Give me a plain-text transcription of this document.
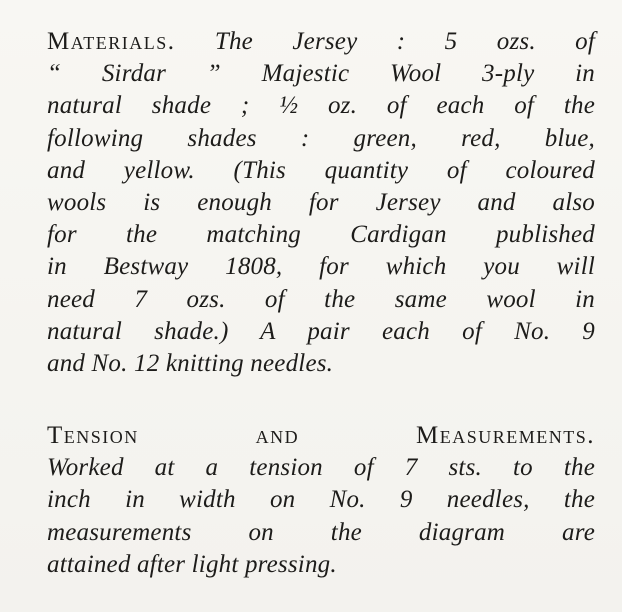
Materials. The Jersey : 5 ozs. of
“ Sirdar ” Majestic Wool 3-ply in
natural shade ; ½ oz. of each of the
following shades : green, red, blue,
and yellow. (This quantity of coloured
wools is enough for Jersey and also
for the matching Cardigan published
in Bestway 1808, for which you will
need 7 ozs. of the same wool in
natural shade.) A pair each of No. 9
and No. 12 knitting needles.
Tension and Measurements.
Worked at a tension of 7 sts. to the
inch in width on No. 9 needles, the
measurements on the diagram are
attained after light pressing.
